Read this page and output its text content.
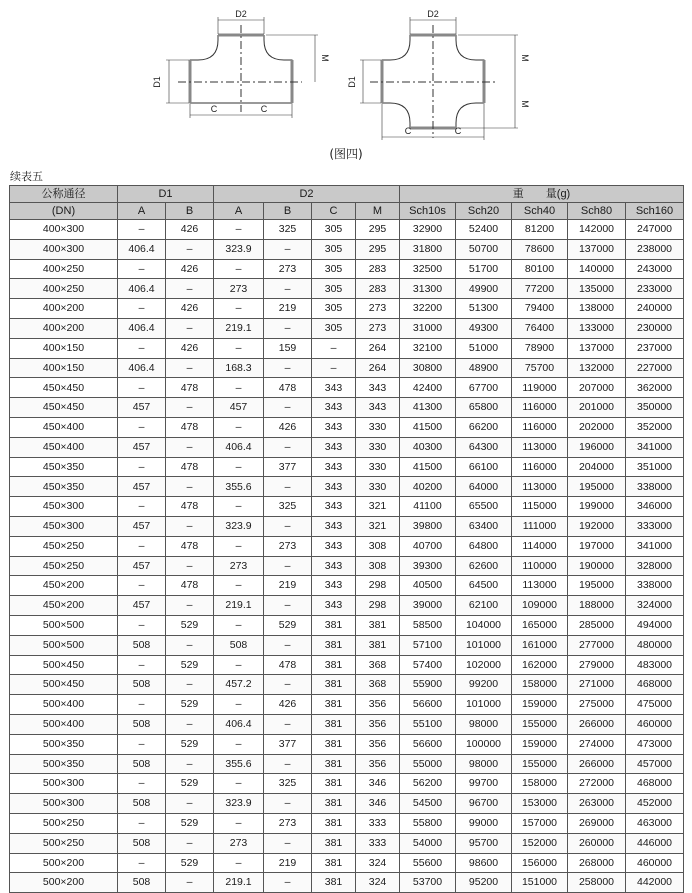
D2
D1
M
C	C
D2
D1
M
M
C	C
(图四)
续表五
公称通径	D1		D2				重　　量(g)				
(DN)	A	B	A	B	C	M	Sch10s	Sch20	Sch40	Sch80	Sch160
400×300	–	426	–	325	305	295	32900	52400	81200	142000	247000
400×300	406.4	–	323.9	–	305	295	31800	50700	78600	137000	238000
400×250	–	426	–	273	305	283	32500	51700	80100	140000	243000
400×250	406.4	–	273	–	305	283	31300	49900	77200	135000	233000
400×200	–	426	–	219	305	273	32200	51300	79400	138000	240000
400×200	406.4	–	219.1	–	305	273	31000	49300	76400	133000	230000
400×150	–	426	–	159	–	264	32100	51000	78900	137000	237000
400×150	406.4	–	168.3	–	–	264	30800	48900	75700	132000	227000
450×450	–	478	–	478	343	343	42400	67700	119000	207000	362000
450×450	457	–	457	–	343	343	41300	65800	116000	201000	350000
450×400	–	478	–	426	343	330	41500	66200	116000	202000	352000
450×400	457	–	406.4	–	343	330	40300	64300	113000	196000	341000
450×350	–	478	–	377	343	330	41500	66100	116000	204000	351000
450×350	457	–	355.6	–	343	330	40200	64000	113000	195000	338000
450×300	–	478	–	325	343	321	41100	65500	115000	199000	346000
450×300	457	–	323.9	–	343	321	39800	63400	111000	192000	333000
450×250	–	478	–	273	343	308	40700	64800	114000	197000	341000
450×250	457	–	273	–	343	308	39300	62600	110000	190000	328000
450×200	–	478	–	219	343	298	40500	64500	113000	195000	338000
450×200	457	–	219.1	–	343	298	39000	62100	109000	188000	324000
500×500	–	529	–	529	381	381	58500	104000	165000	285000	494000
500×500	508	–	508	–	381	381	57100	101000	161000	277000	480000
500×450	–	529	–	478	381	368	57400	102000	162000	279000	483000
500×450	508	–	457.2	–	381	368	55900	99200	158000	271000	468000
500×400	–	529	–	426	381	356	56600	101000	159000	275000	475000
500×400	508	–	406.4	–	381	356	55100	98000	155000	266000	460000
500×350	–	529	–	377	381	356	56600	100000	159000	274000	473000
500×350	508	–	355.6	–	381	356	55000	98000	155000	266000	457000
500×300	–	529	–	325	381	346	56200	99700	158000	272000	468000
500×300	508	–	323.9	–	381	346	54500	96700	153000	263000	452000
500×250	–	529	–	273	381	333	55800	99000	157000	269000	463000
500×250	508	–	273	–	381	333	54000	95700	152000	260000	446000
500×200	–	529	–	219	381	324	55600	98600	156000	268000	460000
500×200	508	–	219.1	–	381	324	53700	95200	151000	258000	442000
